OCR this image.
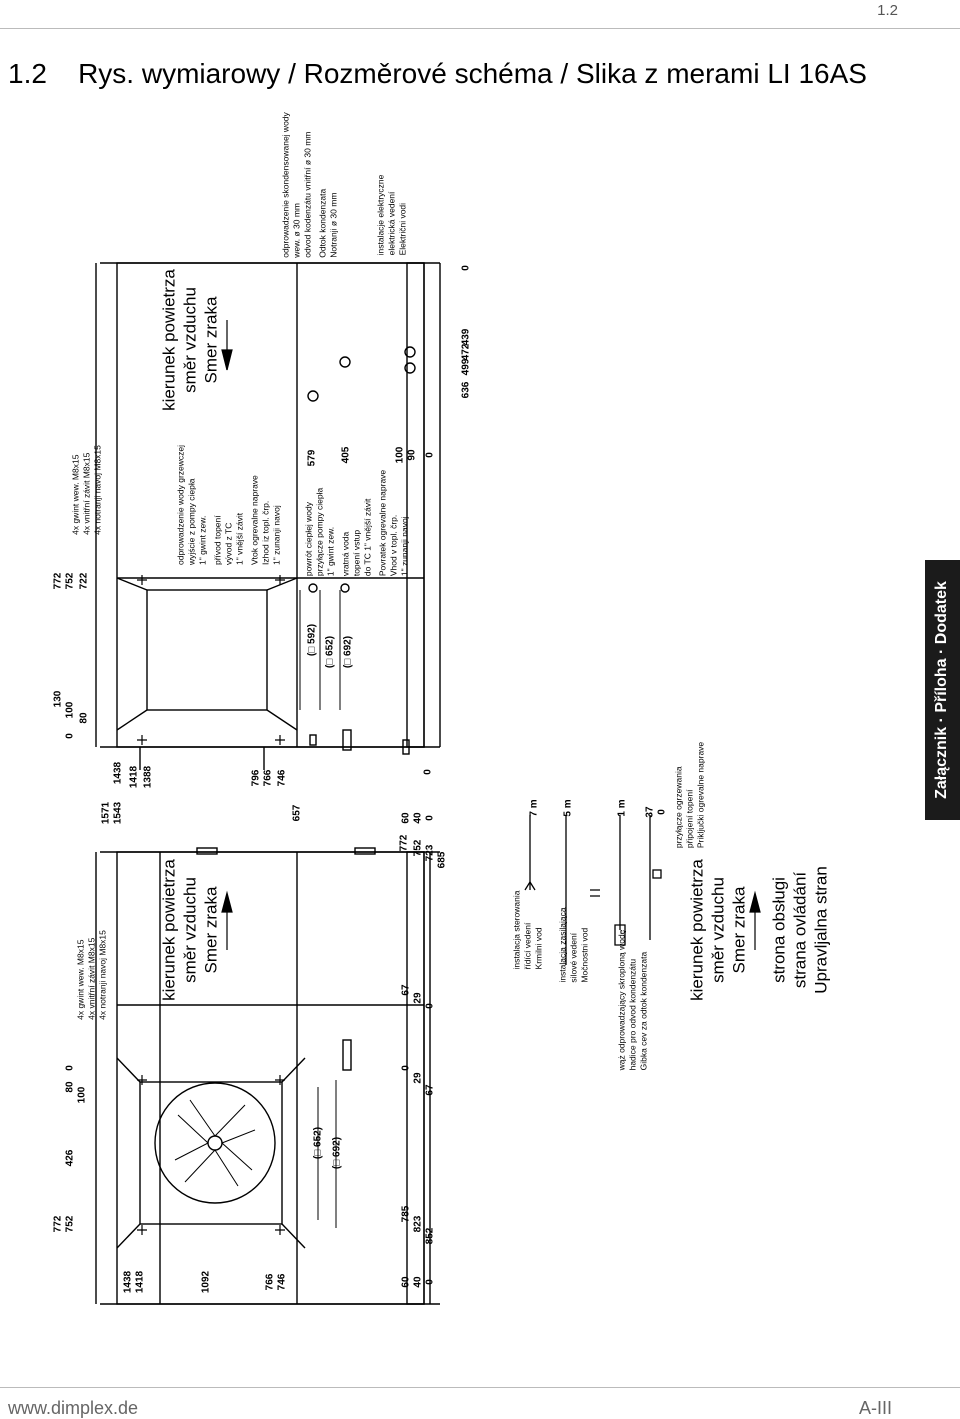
1.2
1.2 Rys. wymiarowy / Rozměrové schéma / Slika z merami LI 16AS
1438 1418 1388	796 766 746	0
772 752 722
130
100 80
0
1571 1543	657	60 40 0
772 752 723 685
67
29
0
0
80 100
426
772 752
1438 1418	1092	766 746	60 40 0
0
29
67
785
823
852
(□ 652) (□ 692)
(□ 592) (□ 652) (□ 692)
579 405	100 90 0
636
499
472
439
0
37 0
7 m 5 m	1 m
4x gwint wew. M8x15 4x vnitřní závit M8x15 4x notranji navoj M8x15
4x gwint wew. M8x15 4x vnitřní závit M8x15 4x notranji navoj M8x15
kierunek powietrza směr vzduchu Smer zraka
kierunek powietrza směr vzduchu Smer zraka	kierunek powietrza směr vzduchu Smer zraka strona obsługi strana ovládání Upravljalna stran
odprowadzenie wody grzewczej wyjście z pompy ciepła 1" gwint zew. přívod topení vývod z TC 1" vnější závit Vtok ogrevalne naprave Izhod iz topl. črp. 1" zunanji navoj	powrót ciepłej wody przyłącze pompy ciepła 1" gwint zew. vratná voda topení vstup do TC 1" vnější závit Povratek ogrevalne naprave Vhod v topl. črp. 1" zunanji navoj
odprowadzenie skondensowanej wody wew. ø 30 mm odvod kodenzátu vnitřní ø 30 mm Odtok kondenzata Notranji ø 30 mm	instalacje elektryczne elektrická vedení Električni vodi
instalacja sterowania řídící vedení Krmilni vod instalacja zasilająca silové vedení Močnostni vod	wąż odprowadzający skroploną wodę hadice pro odvod kondenzátu Gibka cev za odtok kondenzata
przyłącze ogrzewania připojení topení Priključki ogrevalne naprave	Załącznik · Příloha · Dodatek
www.dimplex.de	A-III
